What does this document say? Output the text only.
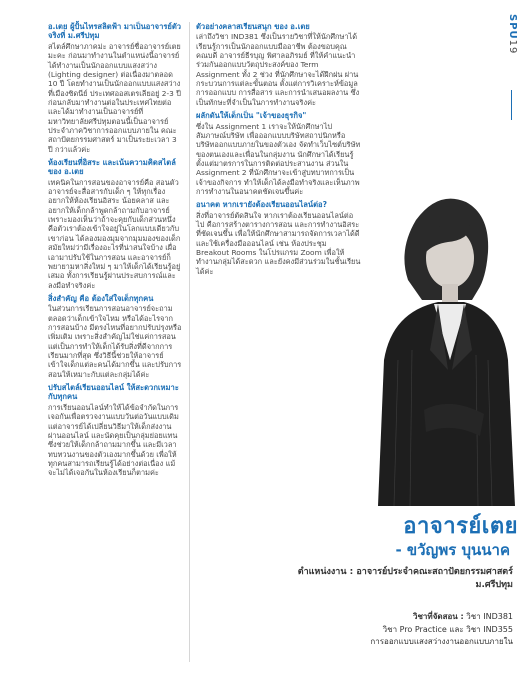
SPU19
อ.เตย ผู้ปั้นไทรสลิตฟ้า มาเป็นอาจารย์ตัวจริงที่ ม.ศรีปทุม

สไตล์ศึกษาภาคม่ะ อาจารย์ชื่ออาจารย์เตย มะคะ ก่อนมาทำงานในตำแหน่งนี้อาจารย์ได้ทำงานเป็นนักออกแบบแสงสว่าง (Lighting designer) ต่อเนื่องมาตลอด 10 ปี โดยทำงานเป็นนักออกแบบแสงสว่างที่เมืองซิดนีย์ ประเทศออสเตรเลียอยู่ 2-3 ปี ก่อนกลับมาทำงานต่อในประเทศไทยต่อ และได้มาทำงานเป็นอาจารย์ที่มหาวิทยาลัยศรีปทุมตอนนี้เป็นอาจารย์ประจำภาควิชาการออกแบบภายใน คณะสถาปัตยกรรมศาสตร์ มาเป็นระยะเวลา 3 ปี กว่าแล้วค่ะ

ห้องเรียนที่อิสระ และเน้นความคิดสไตล์ของ อ.เตย

เทคนิคในการสอนของอาจารย์คือ สอนตัวอาจารย์จะสื่อสารกับเด็ก ๆ ให้ทุกเรื่อง อยากให้ห้องเรียนอิสระ น้อยคลาส และอยากให้เด็กกล้าพูดกล้าถามกับอาจารย์ เพราะมองเห็นว่าถ้าจะคุยกับเด็กส่วนหนึ่งคือตัวเราต้องเข้าใจอยู่ในโลกแบบเดียวกับเขาก่อน ได้ลองมองมุมจากมุมมองของเด็กสมัยใหม่ว่ามีเรื่องอะไรที่น่าสนใจบ้าง เผื่อเอามาปรับใช้ในการสอน และอาจารย์ก็พยายามหาสิ่งใหม่ ๆ มาให้เด็กได้เรียนรู้อยู่เสมอ ทั้งการเรียนรู้ผ่านประสบการณ์และลงมือทำจริงค่ะ

สิ่งสำคัญ คือ ต้องใส่ใจเด็กทุกคน

ในส่วนการเรียนการสอนอาจารย์จะถามตลอดว่าเด็กเข้าใจไหม หรือได้อะไรจากการสอนบ้าง มีตรงไหนที่อยากปรับปรุงหรือเพิ่มเติม เพราะสิ่งสำคัญไม่ใช่แค่การสอน แต่เป็นการทำให้เด็กได้รับสิ่งที่ดีจากการเรียนมากที่สุด ซึ่งวิธีนี้ช่วยให้อาจารย์เข้าใจเด็กแต่ละคนได้มากขึ้น และปรับการสอนให้เหมาะกับแต่ละกลุ่มได้ค่ะ

ปรับสไตล์เรียนออนไลน์ ให้สะดวกเหมาะกับทุกคน

การเรียนออนไลน์ทำให้ได้ข้อจำกัดในการเจอกันเพื่อตรวจงานแบบวันต่อวันแบบเดิม แต่อาจารย์ได้เปลี่ยนวิธีมาให้เด็กส่งงานผ่านออนไลน์ และนัดคุยเป็นกลุ่มย่อยแทน ซึ่งช่วยให้เด็กกล้าถามมากขึ้น และมีเวลาทบทวนงานของตัวเองมากขึ้นด้วย เพื่อให้ทุกคนสามารถเรียนรู้ได้อย่างต่อเนื่อง แม้จะไม่ได้เจอกันในห้องเรียนก็ตามค่ะ

ตัวอย่างคลาสเรียนสนุก ของ อ.เตย

เล่าถึงวิชา IND381 ซึ่งเป็นรายวิชาที่ให้นักศึกษาได้เรียนรู้การเป็นนักออกแบบมืออาชีพ ต้องขอบคุณคณบดี อาจารย์ธีรบุญ พิศาลอภิรมย์ ที่ให้คำแนะนำร่วมกันออกแบบวัตถุประสงค์ของ Term Assignment ทั้ง 2 ช่วง ที่นักศึกษาจะได้ฝึกฝน ผ่านกระบวนการแต่ละขั้นตอน ตั้งแต่การวิเคราะห์ข้อมูล การออกแบบ การสื่อสาร และการนำเสนอผลงาน ซึ่งเป็นทักษะที่จำเป็นในการทำงานจริงค่ะ

ผลักดันให้เด็กเป็น "เจ้าของธุรกิจ"

ซึ่งใน Assignment 1 เราจะให้นักศึกษาไปสัมภาษณ์บริษัท เพื่อออกแบบบริษัทสถาปนิกหรือบริษัทออกแบบภายในของตัวเอง จัดทำเว็บไซต์บริษัทของตนเองและเพื่อนในกลุ่มงาน นักศึกษาได้เรียนรู้ตั้งแต่มาตรการในการติดต่อประสานงาน ส่วนใน Assignment 2 ที่นักศึกษาจะเข้าสู่บทบาทการเป็นเจ้าของกิจการ ทำให้เด็กได้ลงมือทำจริงและเห็นภาพการทำงานในอนาคตชัดเจนขึ้นค่ะ

อนาคต หากเรายังต้องเรียนออนไลน์ต่อ?

สิ่งที่อาจารย์ตัดสินใจ หากเราต้องเรียนออนไลน์ต่อไป คือการสร้างตารางการสอน และการทำงานอิสระที่ชัดเจนขึ้น เพื่อให้นักศึกษาสามารถจัดการเวลาได้ดี และใช้เครื่องมือออนไลน์ เช่น ห้องประชุม Breakout Rooms ในโปรแกรม Zoom เพื่อให้ทำงานกลุ่มได้สะดวก และยังคงมีส่วนร่วมในชั้นเรียนได้ค่ะ

อาจารย์เตย
- ขวัญพร บุนนาค
ตำแหน่งงาน : อาจารย์ประจำคณะสถาปัตยกรรมศาสตร์ ม.ศรีปทุม
วิชาที่จัดสอน : วิชา IND381
วิชา Pro Practice และ วิชา IND355
การออกแบบแสงสว่างงานออกแบบภายใน
